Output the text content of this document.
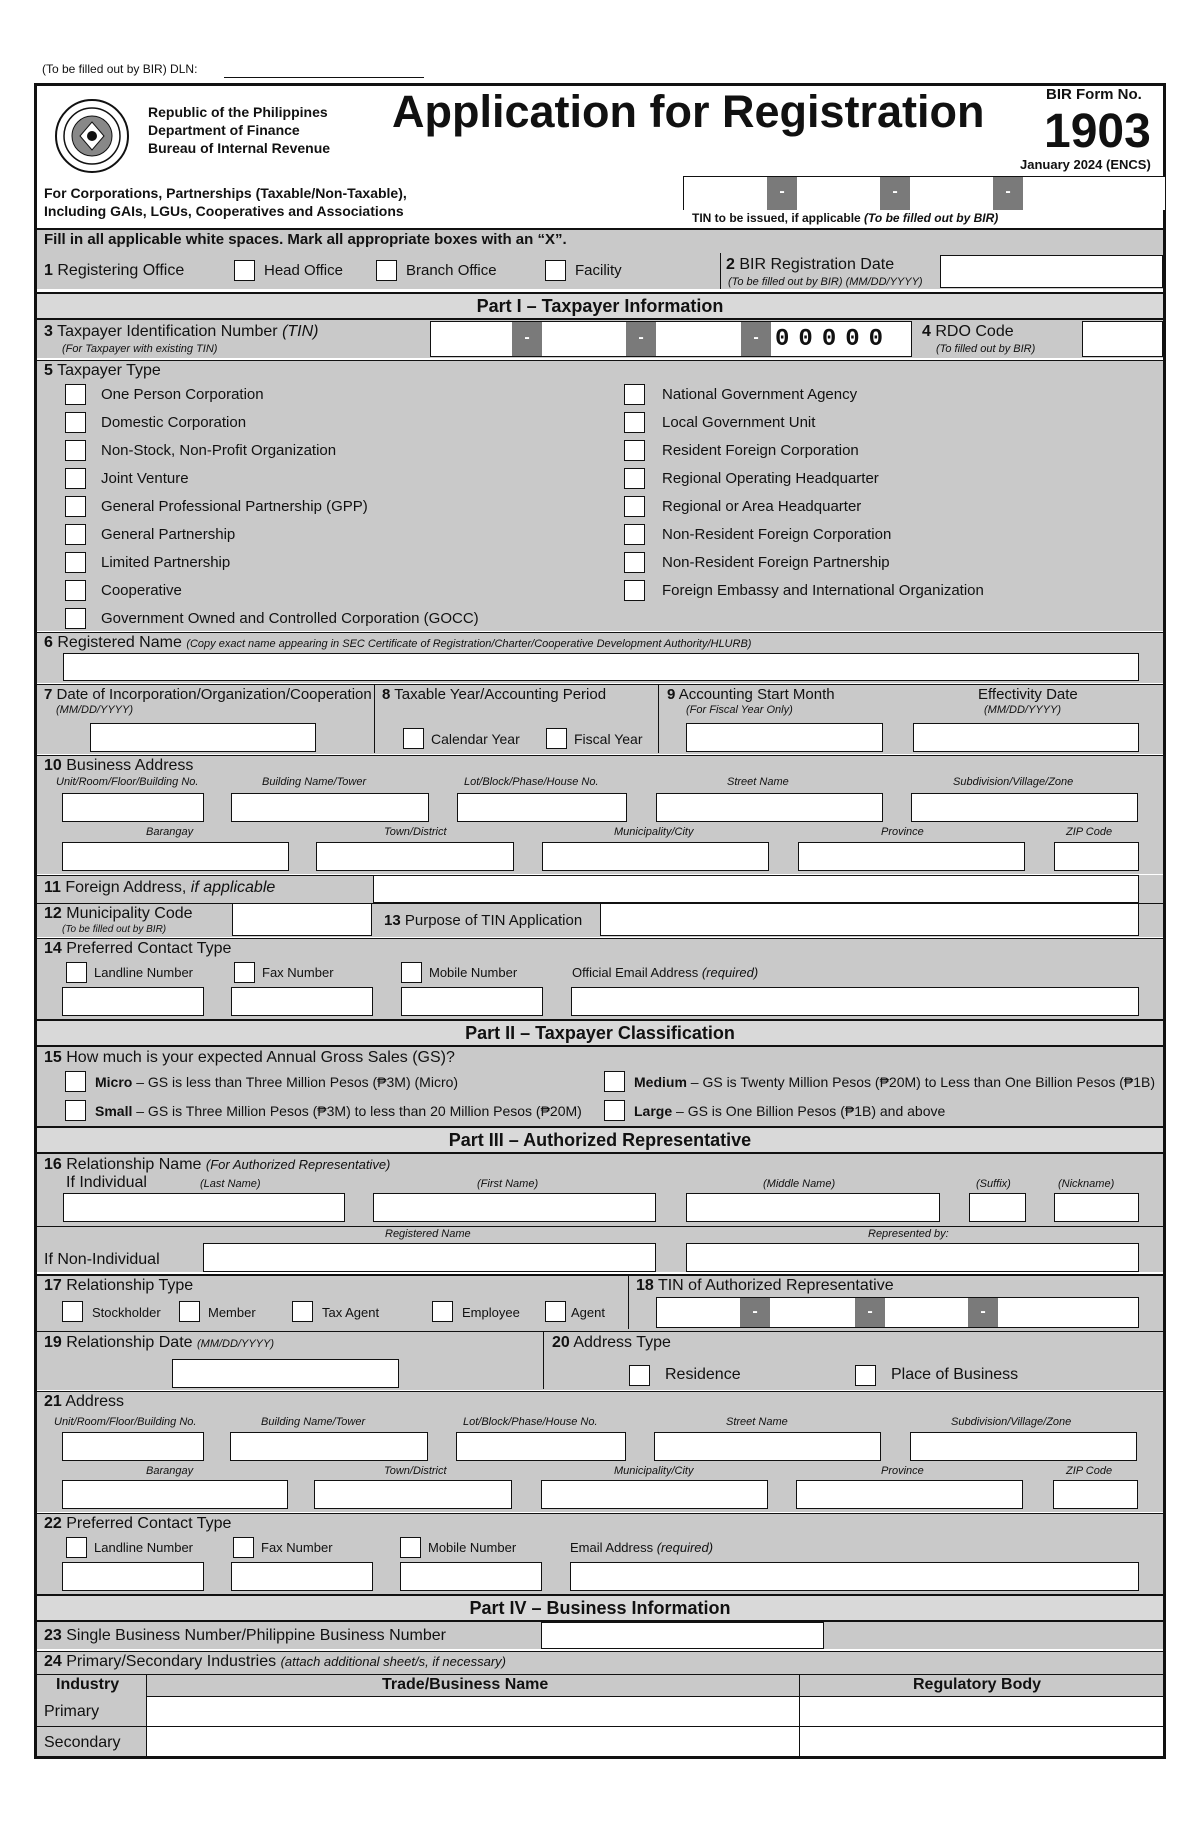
(To be filled out by BIR) DLN:
Republic of the Philippines
Department of Finance
Bureau of Internal Revenue
Application for Registration	BIR Form No.
1903
January 2024 (ENCS)
For Corporations, Partnerships (Taxable/Non-Taxable),
Including GAIs, LGUs, Cooperatives and Associations
-	-	-
TIN to be issued, if applicable (To be filled out by BIR)
Fill in all applicable white spaces. Mark all appropriate boxes with an “X”.
1 Registering Office	Head Office	Branch Office	Facility	2 BIR Registration Date
(To be filled out by BIR) (MM/DD/YYYY)
Part I – Taxpayer Information
3 Taxpayer Identification Number (TIN)
(For Taxpayer with existing TIN)
-	-	- 00000 4 RDO Code
(To filled out by BIR)
5 Taxpayer Type
One Person Corporation
Domestic Corporation
Non-Stock, Non-Profit Organization
Joint Venture
General Professional Partnership (GPP)
General Partnership
Limited Partnership
Cooperative
Government Owned and Controlled Corporation (GOCC)
National Government Agency
Local Government Unit
Resident Foreign Corporation
Regional Operating Headquarter
Regional or Area Headquarter
Non-Resident Foreign Corporation
Non-Resident Foreign Partnership
Foreign Embassy and International Organization
6 Registered Name (Copy exact name appearing in SEC Certificate of Registration/Charter/Cooperative Development Authority/HLURB)
7 Date of Incorporation/Organization/Cooperation
(MM/DD/YYYY)
8 Taxable Year/Accounting Period
Calendar Year	Fiscal Year
9 Accounting Start Month
(For Fiscal Year Only)
Effectivity Date
(MM/DD/YYYY)
10 Business Address
Unit/Room/Floor/Building No.	Building Name/Tower	Lot/Block/Phase/House No.	Street Name	Subdivision/Village/Zone
Barangay	Town/District	Municipality/City	Province	ZIP Code
11 Foreign Address, if applicable
12 Municipality Code
(To be filled out by BIR)
13 Purpose of TIN Application
14 Preferred Contact Type
Landline Number	Fax Number	Mobile Number	Official Email Address (required)
Part II – Taxpayer Classification
15 How much is your expected Annual Gross Sales (GS)?
Micro – GS is less than Three Million Pesos (₱3M) (Micro)
Small – GS is Three Million Pesos (₱3M) to less than 20 Million Pesos (₱20M)
Medium – GS is Twenty Million Pesos (₱20M) to Less than One Billion Pesos (₱1B)
Large – GS is One Billion Pesos (₱1B) and above
Part III – Authorized Representative
16 Relationship Name (For Authorized Representative)
If Individual	(Last Name)	(First Name)	(Middle Name)	(Suffix)	(Nickname)
Registered Name	Represented by:
If Non-Individual
17 Relationship Type
Stockholder	Member	Tax Agent	Employee	Agent
18 TIN of Authorized Representative
-	-	-
19 Relationship Date (MM/DD/YYYY)	20 Address Type
Residence	Place of Business
21 Address
Unit/Room/Floor/Building No.	Building Name/Tower	Lot/Block/Phase/House No.	Street Name	Subdivision/Village/Zone
Barangay	Town/District	Municipality/City	Province	ZIP Code
22 Preferred Contact Type
Landline Number	Fax Number	Mobile Number	Email Address (required)
Part IV – Business Information
23 Single Business Number/Philippine Business Number
24 Primary/Secondary Industries (attach additional sheet/s, if necessary)
Industry	Trade/Business Name	Regulatory Body
Primary
Secondary
